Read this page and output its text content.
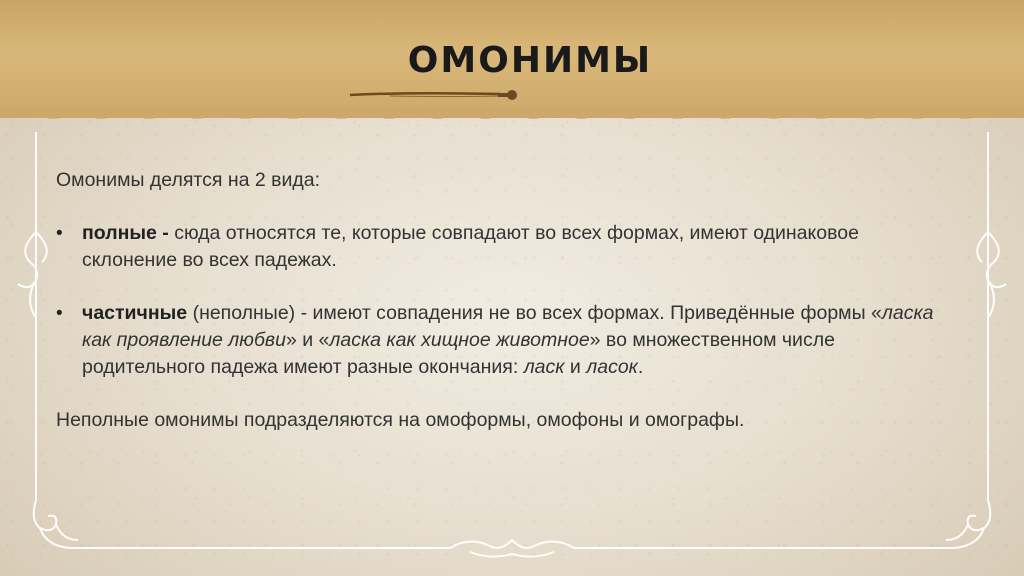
ОМОНИМЫ

Омонимы делятся на 2 вида:

• полные - сюда относятся те, которые совпадают во всех формах, имеют одинаковое склонение во всех падежах.
• частичные (неполные) - имеют совпадения не во всех формах. Приведённые формы «ласка как проявление любви» и «ласка как хищное животное» во множественном числе родительного падежа имеют разные окончания: ласк и ласок.

Неполные омонимы подразделяются на омоформы, омофоны и омографы.
